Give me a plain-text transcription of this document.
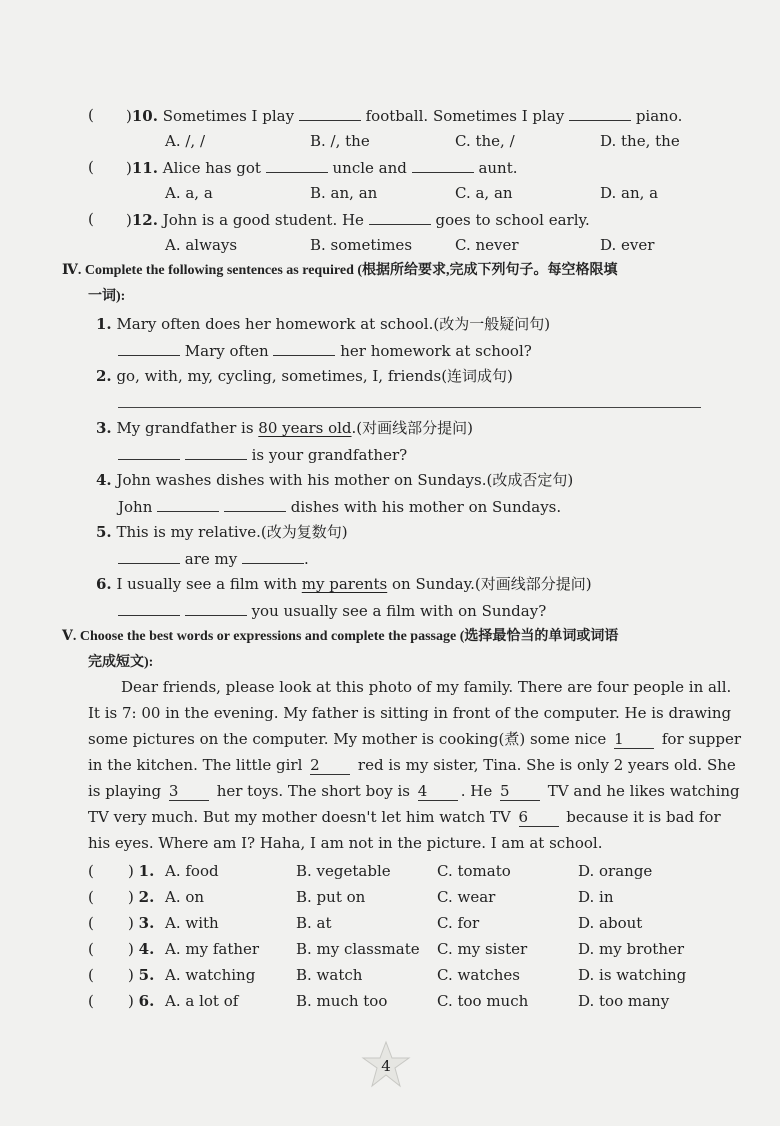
( )10. Sometimes I play	football. Sometimes I play	piano.
A. /, /	B. /, the	C. the, /	D. the, the
( )11. Alice has got	uncle and	aunt.
A. a, a	B. an, an	C. a, an	D. an, a
( )12. John is a good student. He	goes to school early.
A. always	B. sometimes	C. never	D. ever
Ⅳ. Complete the following sentences as required (根据所给要求,完成下列句子。每空格限填
一词):
1. Mary often does her homework at school.(改为一般疑问句)
Mary often	her homework at school?
2. go, with, my, cycling, sometimes, I, friends(连词成句)
3. My grandfather is 80 years old.(对画线部分提问)
is your grandfather?
4. John washes dishes with his mother on Sundays.(改成否定句)
5. This is my relative.(改为复数句)
are my	.
6. I usually see a film with my parents on Sunday.(对画线部分提问)
you usually see a film with on Sunday?
John	dishes with his mother on Sundays.
Ⅴ. Choose the best words or expressions and complete the passage (选择最恰当的单词或词语
完成短文):
Dear friends, please look at this photo of my family. There are four people in all.
It is 7: 00 in the evening. My father is sitting in front of the computer. He is drawing
some pictures on the computer. My mother is cooking(煮) some nice 1 for supper
in the kitchen. The little girl 2 red is my sister, Tina. She is only 2 years old. She
is playing 3 her toys. The short boy is 4 . He 5 TV and he likes watching
TV very much. But my mother doesn't let him watch TV 6 because it is bad for
his eyes. Where am I? Haha, I am not in the picture. I am at school.
( ) 1. A. food	B. vegetable	C. tomato	D. orange
( ) 2. A. on	B. put on	C. wear	D. in
( ) 3. A. with	B. at	C. for	D. about
( ) 4. A. my father B. my classmate C. my sister	D. my brother
( ) 5. A. watching	B. watch	C. watches	D. is watching
( ) 6. A. a lot of	B. much too	C. too much	D. too many
4
